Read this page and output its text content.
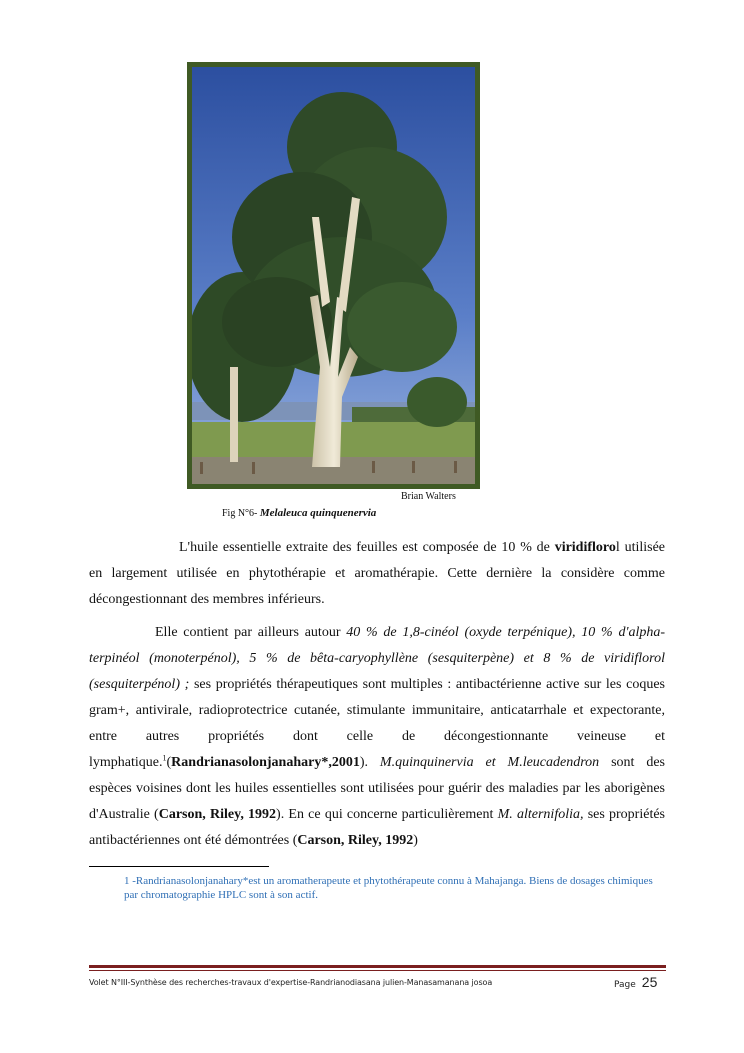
Brian Walters
Fig N°6- Melaleuca quinquenervia

L'huile essentielle extraite des feuilles est composée de 10 % de viridiflorol utilisée en largement utilisée en phytothérapie et aromathérapie. Cette dernière la considère comme décongestionnant des membres inférieurs.

Elle contient par ailleurs autour 40 % de 1,8-cinéol (oxyde terpénique), 10 % d'alpha-terpinéol (monoterpénol), 5 % de bêta-caryophyllène (sesquiterpène) et 8 % de viridiflorol (sesquiterpénol) ; ses propriétés thérapeutiques sont multiples : antibactérienne active sur les coques gram+, antivirale, radioprotectrice cutanée, stimulante immunitaire, anticatarrhale et expectorante, entre autres propriétés dont celle de décongestionnante veineuse et lymphatique.$^1$(Randrianasolonjanahary*,2001). M.quinquinervia et M.leucadendron sont des espèces voisines dont les huiles essentielles sont utilisées pour guérir des maladies par les aborigènes d'Australie (Carson, Riley, 1992). En ce qui concerne particulièrement M. alternifolia, ses propriétés antibactériennes ont été démontrées (Carson, Riley, 1992)

1 -Randrianasolonjanahary*est un aromatherapeute et phytothérapeute connu à Mahajanga. Biens de dosages chimiques par chromatographie HPLC sont à son actif.

Volet N°III-Synthèse des recherches-travaux d'expertise-Randrianodiasana julien-Manasamanana josoa	Page 25
